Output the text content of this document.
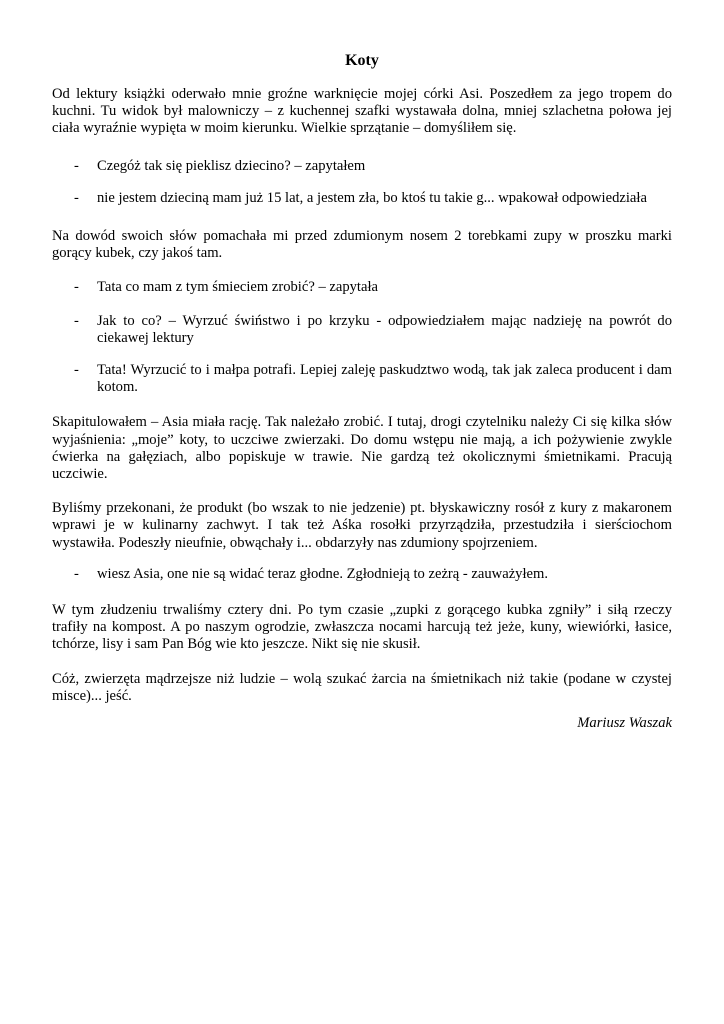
Koty

Od lektury książki oderwało mnie groźne warknięcie mojej córki Asi. Poszedłem za jego tropem do kuchni. Tu widok był malowniczy – z kuchennej szafki wystawała dolna, mniej szlachetna połowa jej ciała wyraźnie wypięta w moim kierunku. Wielkie sprzątanie – domyśliłem się.

- Czegóż tak się pieklisz dziecino? – zapytałem
- nie jestem dzieciną mam już 15 lat, a jestem zła, bo ktoś tu takie g... wpakował odpowiedziała

Na dowód swoich słów pomachała mi przed zdumionym nosem 2 torebkami zupy w proszku marki gorący kubek, czy jakoś tam.

- Tata co mam z tym śmieciem zrobić? – zapytała
- Jak to co? – Wyrzuć świństwo i po krzyku - odpowiedziałem mając nadzieję na powrót do ciekawej lektury
- Tata! Wyrzucić to i małpa potrafi. Lepiej zaleję paskudztwo wodą, tak jak zaleca producent i dam kotom.

Skapitulowałem – Asia miała rację. Tak należało zrobić. I tutaj, drogi czytelniku należy Ci się kilka słów wyjaśnienia: „moje” koty, to uczciwe zwierzaki. Do domu wstępu nie mają, a ich pożywienie zwykle ćwierka na gałęziach, albo popiskuje w trawie. Nie gardzą też okolicznymi śmietnikami. Pracują uczciwie.

Byliśmy przekonani, że produkt (bo wszak to nie jedzenie) pt. błyskawiczny rosół z kury z makaronem wprawi je w kulinarny zachwyt. I tak też Aśka rosołki przyrządziła, przestudziła i sierściochom wystawiła. Podeszły nieufnie, obwąchały i... obdarzyły nas zdumiony spojrzeniem.

- wiesz Asia, one nie są widać teraz głodne. Zgłodnieją to zeżrą - zauważyłem.

W tym złudzeniu trwaliśmy cztery dni. Po tym czasie „zupki z gorącego kubka zgniły” i siłą rzeczy trafiły na kompost. A po naszym ogrodzie, zwłaszcza nocami harcują też jeże, kuny, wiewiórki, łasice, tchórze, lisy i sam Pan Bóg wie kto jeszcze. Nikt się nie skusił.

Cóż, zwierzęta mądrzejsze niż ludzie – wolą szukać żarcia na śmietnikach niż takie (podane w czystej misce)... jeść.

Mariusz Waszak
